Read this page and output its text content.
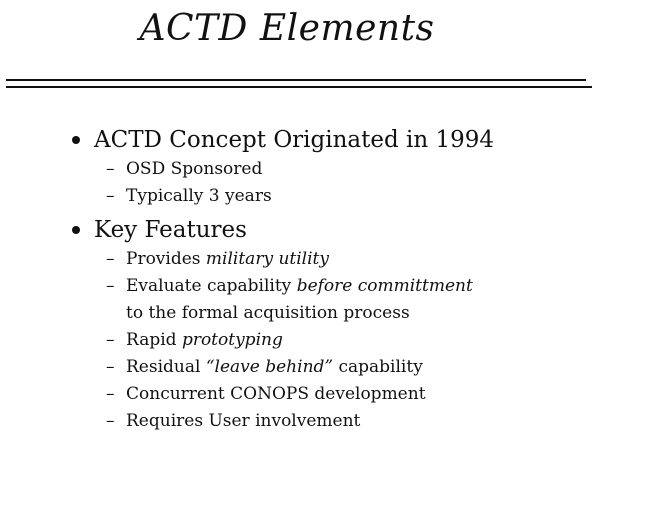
ACTD Elements
ACTD Concept Originated in 1994
– OSD Sponsored
– Typically 3 years
Key Features
– Provides military utility
– Evaluate capability before committment
to the formal acquisition process
– Rapid prototyping
– Residual “leave behind” capability
– Concurrent CONOPS development
– Requires User involvement
